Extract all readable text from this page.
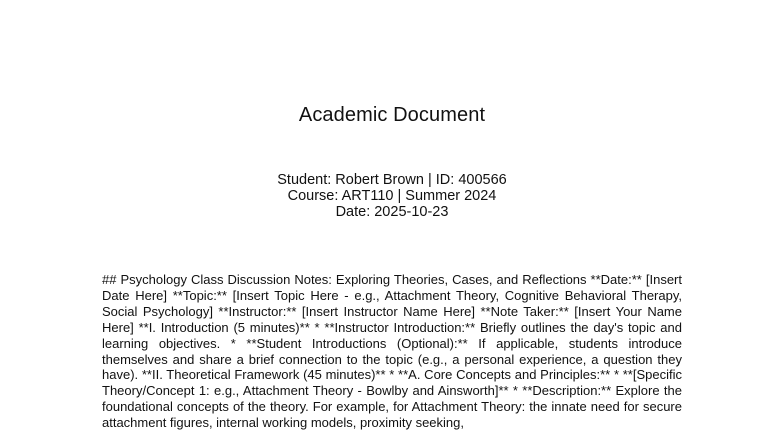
Academic Document
Student: Robert Brown | ID: 400566
Course: ART110 | Summer 2024
Date: 2025-10-23

## Psychology Class Discussion Notes: Exploring Theories, Cases, and Reflections **Date:** [Insert Date Here] **Topic:** [Insert Topic Here - e.g., Attachment Theory, Cognitive Behavioral Therapy, Social Psychology] **Instructor:** [Insert Instructor Name Here] **Note Taker:** [Insert Your Name Here] **I. Introduction (5 minutes)** * **Instructor Introduction:** Briefly outlines the day's topic and learning objectives. * **Student Introductions (Optional):** If applicable, students introduce themselves and share a brief connection to the topic (e.g., a personal experience, a question they have). **II. Theoretical Framework (45 minutes)** * **A. Core Concepts and Principles:** * **[Specific Theory/Concept 1: e.g., Attachment Theory - Bowlby and Ainsworth]** * **Description:** Explore the foundational concepts of the theory. For example, for Attachment Theory: the innate need for secure attachment figures, internal working models, proximity seeking,
